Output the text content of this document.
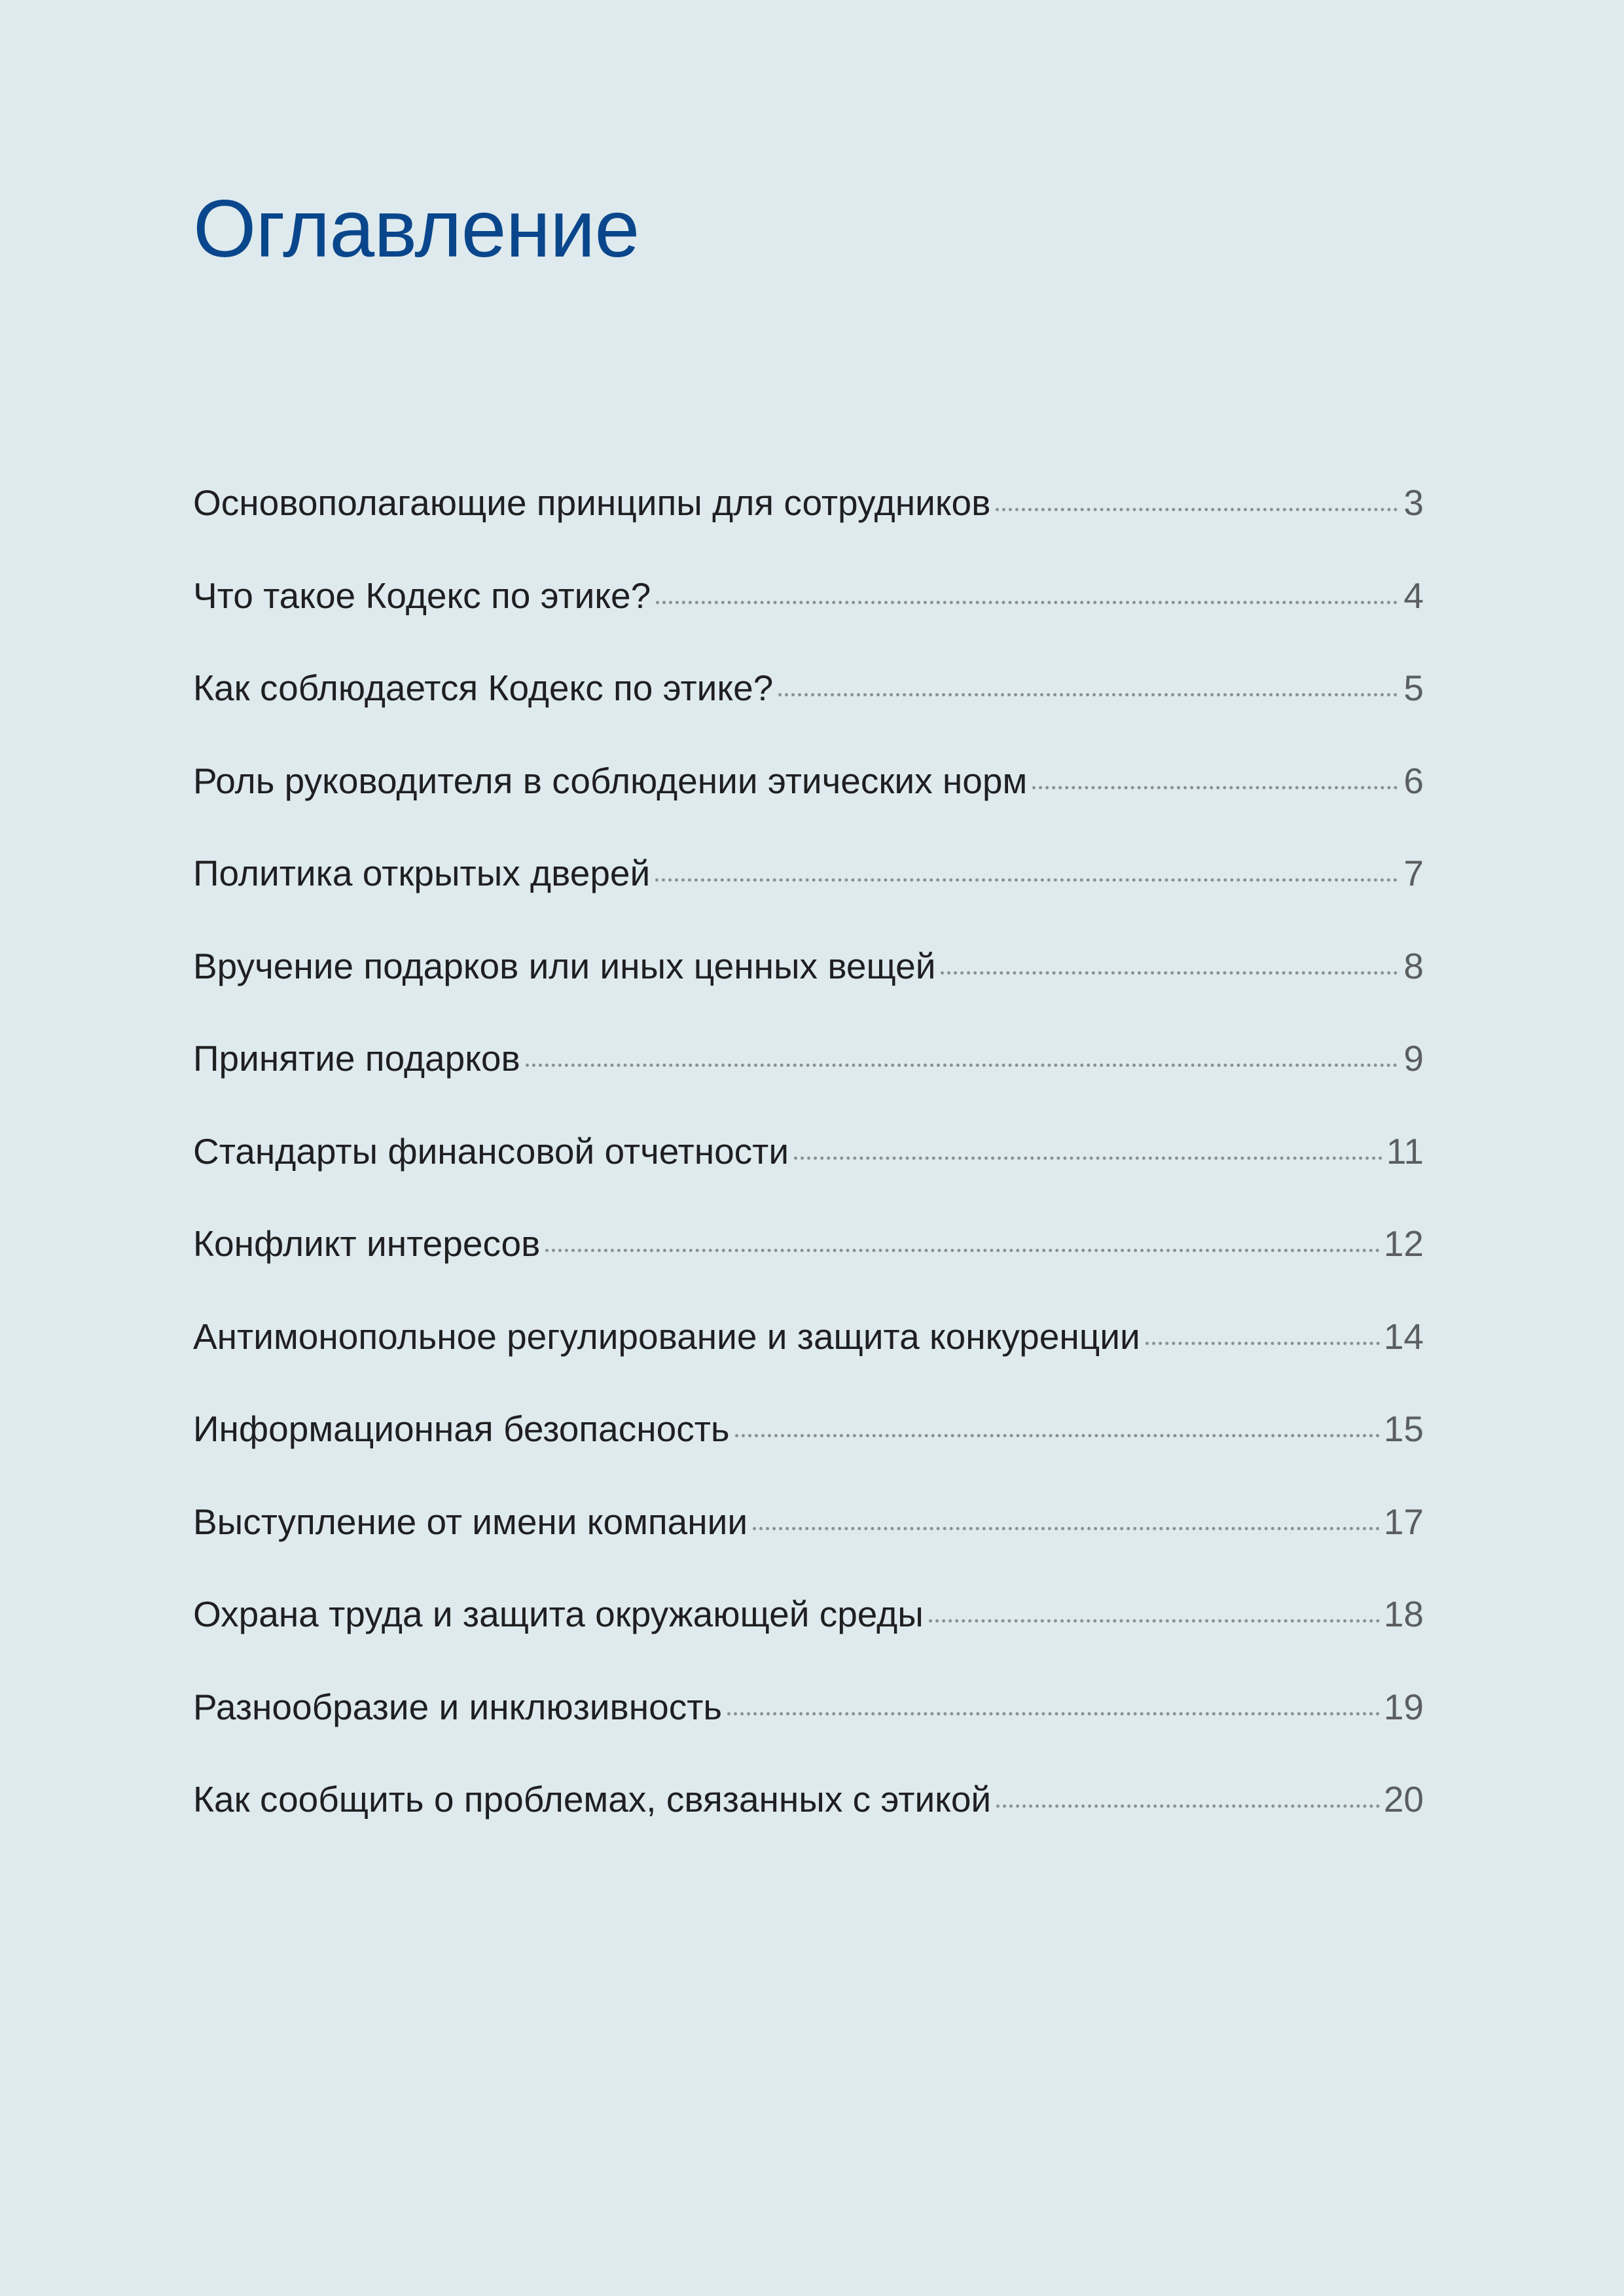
Оглавление
Основополагающие принципы для сотрудников	3
Что такое Кодекс по этике?	4
Как соблюдается Кодекс по этике?	5
Роль руководителя в соблюдении этических норм	6
Политика открытых дверей	7
Вручение подарков или иных ценных вещей	8
Принятие подарков	9
Стандарты финансовой отчетности	11
Конфликт интересов	12
Антимонопольное регулирование и защита конкуренции	14
Информационная безопасность	15
Выступление от имени компании	17
Охрана труда и защита окружающей среды	18
Разнообразие и инклюзивность	19
Как сообщить о проблемах, связанных с этикой	20
